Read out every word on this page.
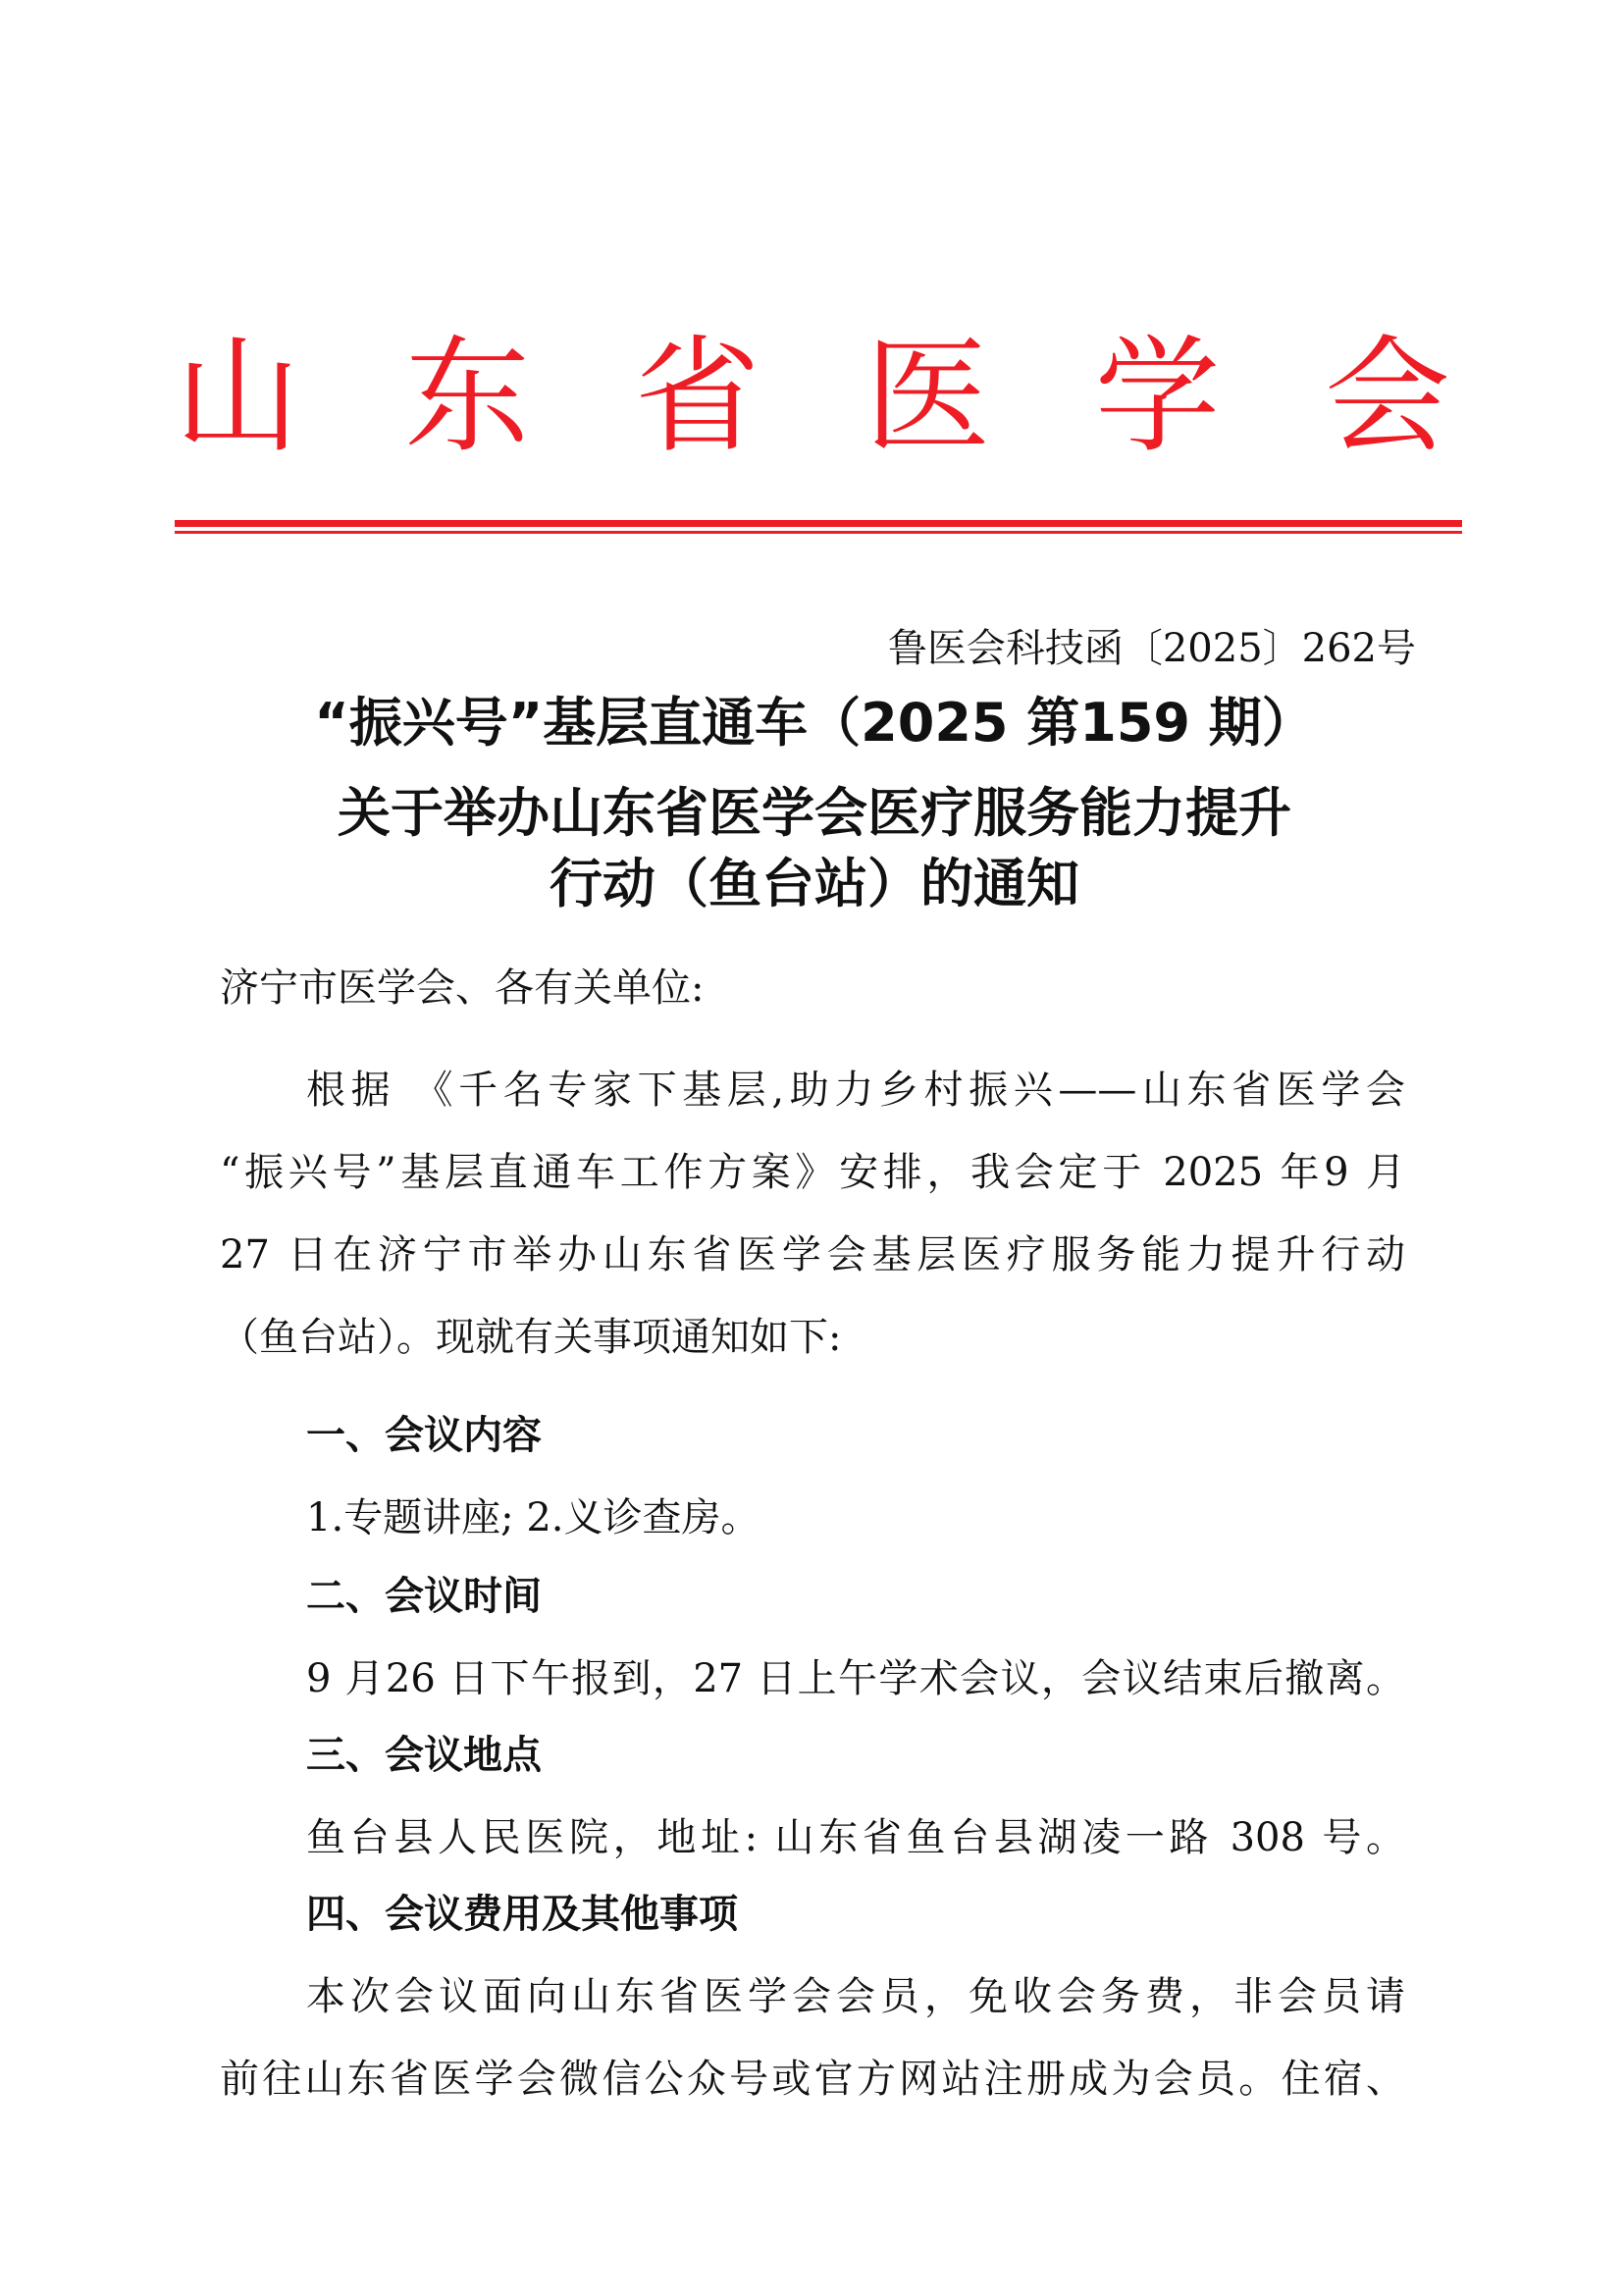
山 东 省 医 学 会
鲁医会科技函〔2025〕262号
“振兴号”基层直通车（2025 第159 期）
关于举办山东省医学会医疗服务能力提升
行动（鱼台站）的通知
济宁市医学会、各有关单位:
根据 《千名专家下基层,助力乡村振兴——山东省医学会
“振兴号”基层直通车工作方案》安排，我会定于 2025 年9 月
27 日在济宁市举办山东省医学会基层医疗服务能力提升行动
（鱼台站）。现就有关事项通知如下:
一、会议内容
1.专题讲座; 2.义诊查房。
二、会议时间
9 月26 日下午报到，27 日上午学术会议，会议结束后撤离。
三、会议地点
鱼台县人民医院，地址: 山东省鱼台县湖凌一路 308 号。
四、会议费用及其他事项
本次会议面向山东省医学会会员，免收会务费，非会员请
前往山东省医学会微信公众号或官方网站注册成为会员。住宿、
